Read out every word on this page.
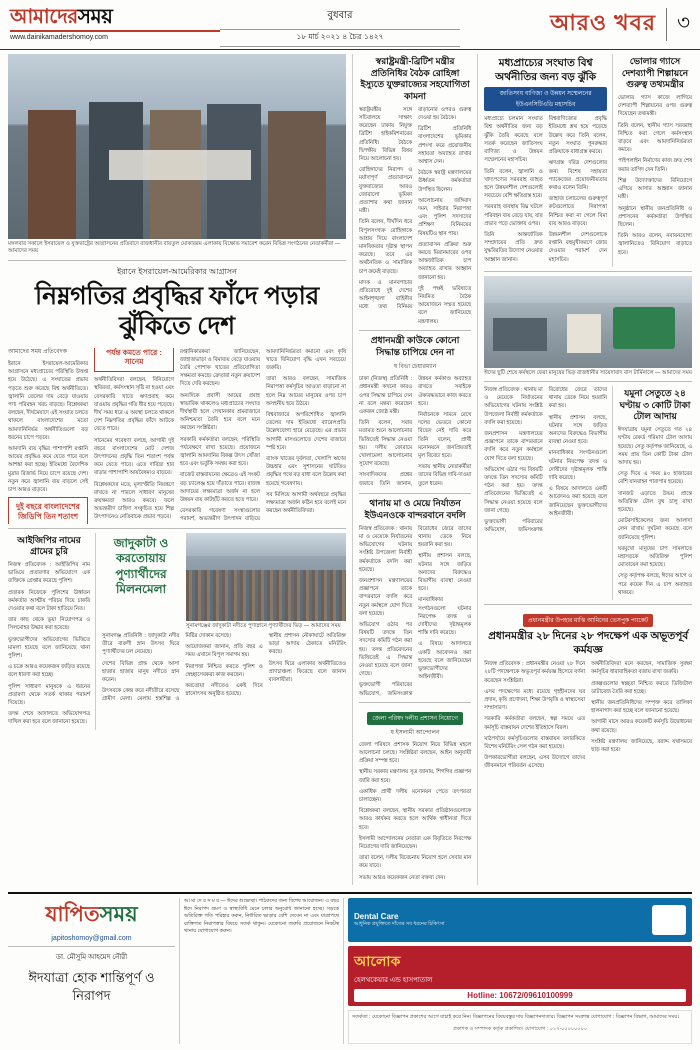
আমাদেরসময়
www.dainikamadershomoy.com
বুধবার
১৮ মার্চ ২০২১ ৪ চৈত্র ১৪২৭
আরও খবর	৩
মঙ্গলবার সকালে ইসরায়েল ও যুক্তরাষ্ট্রের আগ্রাসনের প্রতিবাদে রাজধানীর বায়তুল মোকাররম এলাকায় বিক্ষোভ সমাবেশ করেন বিভিন্ন সংগঠনের নেতাকর্মীরা — আমাদের সময়
ইরানে ইসরায়েল-আমেরিকার আগ্রাসন
নিম্নগতির প্রবৃদ্ধির ফাঁদে পড়ার ঝুঁকিতে দেশ
আমাদের সময় প্রতিবেদক

ইরানে ইসরায়েল-আমেরিকার আগ্রাসনে মধ্যপ্রাচ্যের পরিস্থিতি উত্তপ্ত হয়ে উঠেছে। এ সংঘাতের প্রভাব পড়তে শুরু করেছে বিশ্ব অর্থনীতিতে। জ্বালানি তেলের দাম বেড়ে যাওয়ায় পণ্য পরিবহন খরচ বাড়ছে। বিশ্লেষকরা বলছেন, দীর্ঘমেয়াদে এই সংঘাত চলতে থাকলে বাংলাদেশের মতো আমদানিনির্ভর অর্থনীতিগুলো বড় ধরনের চাপে পড়বে।

আমদানি ব্যয় বৃদ্ধির পাশাপাশি রপ্তানি আয়ের প্রবৃদ্ধিও কমে যেতে পারে বলে আশঙ্কা করা হচ্ছে। ইতিমধ্যে বৈদেশিক মুদ্রার রিজার্ভ নিয়ে চাপে রয়েছে দেশ। নতুন করে জ্বালানি ব্যয় বাড়লে সেই চাপ আরও বাড়বে।

দুই বছরে বাংলাদেশের জিডিপি তিন শতাংশ পর্যন্ত কমতে পারে : সানেম

অর্থনীতিবিদরা বলছেন, বিনিয়োগে স্থবিরতা, কর্মসংস্থান সৃষ্টি না হওয়া এবং বেসরকারি খাতে ঋণপ্রবাহ কমে যাওয়ায় প্রবৃদ্ধির গতি ধীর হয়ে পড়েছে। দীর্ঘ সময় ধরে এ অবস্থা চলতে থাকলে দেশ নিম্নগতির প্রবৃদ্ধির ফাঁদে আটকে যেতে পারে।

সানেমের গবেষণা বলছে, আগামী দুই বছরে বাংলাদেশের মোট দেশজ উৎপাদনের প্রবৃদ্ধি তিন শতাংশ পর্যন্ত কমে যেতে পারে। এতে দারিদ্র্য হার বাড়ার পাশাপাশি আয়বৈষম্যও বাড়বে।

বিশ্লেষকদের মতে, মূল্যস্ফীতি নিয়ন্ত্রণে রাখতে না পারলে সাধারণ মানুষের ক্রয়ক্ষমতা আরও কমবে। ফলে অভ্যন্তরীণ চাহিদা সংকুচিত হয়ে শিল্প উৎপাদনেও নেতিবাচক প্রভাব পড়বে।

রপ্তানিকারকরা জানিয়েছেন, জাহাজভাড়া ও বিমাব্যয় বেড়ে যাওয়ায় তৈরি পোশাক খাতের প্রতিযোগিতা সক্ষমতা কমছে। ক্রেতারা নতুন ক্রয়াদেশ দিতে দেরি করছেন।

অন্যদিকে প্রবাসী আয়ের প্রবাহ স্বাভাবিক থাকলেও মধ্যপ্রাচ্যের সংঘাত দীর্ঘস্থায়ী হলে সেখানকার শ্রমবাজারে অনিশ্চয়তা তৈরি হবে বলে মনে করছেন সংশ্লিষ্টরা।

সরকারি কর্মকর্তারা বলছেন, পরিস্থিতি পর্যবেক্ষণে রাখা হয়েছে। প্রয়োজনে জ্বালানি আমদানির বিকল্প উৎস খোঁজা হবে এবং ভর্তুকি সমন্বয় করা হবে।

বাজেট বাস্তবায়নের ক্ষেত্রেও এই সংকট বড় চ্যালেঞ্জ হয়ে দাঁড়াতে পারে। রাজস্ব আদায়ের লক্ষ্যমাত্রা অর্জন না হলে উন্নয়ন ব্যয় কাটছাঁট করতে হতে পারে।

বেসরকারি গবেষণা সংস্থাগুলোর পরামর্শ, অভ্যন্তরীণ উৎপাদন বাড়িয়ে আমদানিনির্ভরতা কমানো এবং কৃষি খাতে বিনিয়োগ বৃদ্ধি এখন সবচেয়ে জরুরি।

তারা আরও বলছেন, সামাজিক নিরাপত্তা কর্মসূচির আওতা বাড়ানো না হলে নিম্ন আয়ের মানুষের ওপর চাপ অসহনীয় হয়ে উঠবে।

বিশ্ববাজারে অপরিশোধিত জ্বালানি তেলের দাম ইতিমধ্যে ব্যারেলপ্রতি উল্লেখযোগ্য হারে বেড়েছে। এর প্রভাব আগামী মাসগুলোতে দেশের বাজারে স্পষ্ট হবে।

ব্যাংক খাতের দুর্বলতা, খেলাপি ঋণের উচ্চহার এবং সুশাসনের ঘাটতিও প্রবৃদ্ধির পথে বড় বাধা বলে উল্লেখ করা হয়েছে গবেষণায়।

সব মিলিয়ে আগামী অর্থবছরে প্রবৃদ্ধির লক্ষ্যমাত্রা অর্জন কঠিন হবে বলেই মনে করছেন অর্থনীতিবিদরা।

আইজিপির নামের গ্রামের চুরি

নিজস্ব প্রতিবেদক : আইজিপির নাম ভাঙিয়ে প্রতারণার অভিযোগে এক ব্যক্তিকে গ্রেপ্তার করেছে পুলিশ।

প্রতারক নিজেকে পুলিশের ঊর্ধ্বতন কর্মকর্তার আত্মীয় পরিচয় দিয়ে চাকরি দেওয়ার কথা বলে টাকা হাতিয়ে নিত।

তার কাছ থেকে ভুয়া নিয়োগপত্র ও সিলমোহর উদ্ধার করা হয়েছে।

ভুক্তভোগীদের অভিযোগের ভিত্তিতে মামলা হয়েছে বলে জানিয়েছে থানা পুলিশ।

এ চক্রে আরও কয়েকজন জড়িত রয়েছে বলে ধারণা করা হচ্ছে।

পুলিশ সাধারণ মানুষকে এ ধরনের প্রতারণা থেকে সতর্ক থাকার পরামর্শ দিয়েছে।

তদন্ত শেষে আদালতে অভিযোগপত্র দাখিল করা হবে বলে জানানো হয়েছে।

জাদুকাটা ও করতোয়ায় পুণ্যার্থীদের মিলনমেলা
সুনামগঞ্জের জাদুকাটা নদীতে পুণ্যস্নানে পুণ্যার্থীদের ভিড় — আমাদের সময়

সুনামগঞ্জ প্রতিনিধি : জাদুকাটা নদীর তীরে বারুণী স্নান উৎসব ঘিরে পুণ্যার্থীদের ঢল নেমেছে।

দেশের বিভিন্ন প্রান্ত থেকে আসা হাজার হাজার মানুষ নদীতে স্নান করেন।

উৎসবকে কেন্দ্র করে নদীতীরে বসেছে গ্রামীণ মেলা। মেলায় হস্তশিল্প ও মিষ্টির দোকান বসেছে।

আয়োজকরা জানান, প্রতি বছর এ সময় এখানে বিপুল সমাগম হয়।

নিরাপত্তা নিশ্চিত করতে পুলিশ ও স্বেচ্ছাসেবকরা কাজ করছেন।

করতোয়া নদীতেও একই দিনে স্নানোৎসব অনুষ্ঠিত হয়েছে।

স্থানীয় প্রশাসন নৌকাঘাটে অতিরিক্ত ভাড়া আদায় ঠেকাতে মনিটরিং করছে।

উৎসব ঘিরে এলাকার অর্থনীতিতেও প্রাণচাঞ্চল্য ফিরেছে বলে জানান ব্যবসায়ীরা।

স্বরাষ্ট্রমন্ত্রী-ব্রিটিশ মন্ত্রীর প্রতিনিধির বৈঠক রোহিঙ্গা ইস্যুতে যুক্তরাজ্যের সহযোগিতা কামনা

স্বরাষ্ট্রমন্ত্রীর সঙ্গে সচিবালয়ে সাক্ষাৎ করেছেন ঢাকায় নিযুক্ত ব্রিটিশ হাইকমিশনারের প্রতিনিধি। বৈঠকে দ্বিপক্ষীয় বিভিন্ন বিষয় নিয়ে আলোচনা হয়।

রোহিঙ্গাদের নিরাপদ ও মর্যাদাপূর্ণ প্রত্যাবাসনে যুক্তরাজ্যের আরও জোরালো ভূমিকা প্রত্যাশার কথা জানান মন্ত্রী।

তিনি বলেন, দীর্ঘদিন ধরে বিপুলসংখ্যক রোহিঙ্গাকে আশ্রয় দিয়ে বাংলাদেশ মানবিকতার দৃষ্টান্ত স্থাপন করেছে। তবে এর অর্থনৈতিক ও সামাজিক চাপ ক্রমেই বাড়ছে।

মাদক ও মানবপাচার প্রতিরোধে দুই দেশের আইনশৃঙ্খলা বাহিনীর মধ্যে তথ্য বিনিময় বাড়ানোর ওপরও গুরুত্ব দেওয়া হয় বৈঠকে।

ব্রিটিশ প্রতিনিধি বাংলাদেশের ভূমিকার প্রশংসা করে প্রয়োজনীয় সহায়তা অব্যাহত রাখার আশ্বাস দেন।

বৈঠকে স্বরাষ্ট্র মন্ত্রণালয়ের ঊর্ধ্বতন কর্মকর্তারা উপস্থিত ছিলেন।

আলোচনায় জঙ্গিবাদ দমন, সাইবার নিরাপত্তা এবং পুলিশ সদস্যদের প্রশিক্ষণ বিনিময়ের বিষয়টিও স্থান পায়।

প্রত্যাবাসন প্রক্রিয়া শুরু করতে মিয়ানমারের ওপর আন্তর্জাতিক চাপ অব্যাহত রাখার আহ্বান জানানো হয়।

দুই পক্ষই ভবিষ্যতে নিয়মিত বৈঠক আয়োজনে সম্মত হয়েছে বলে জানিয়েছে মন্ত্রণালয়।

প্রধানমন্ত্রী কাউকে কোনো সিদ্ধান্ত চাপিয়ে দেন না
ষ বিভা চেয়ারম্যান

ঢাকা (নিজস্ব) প্রতিনিধি : প্রধানমন্ত্রী কখনো কারও ওপর সিদ্ধান্ত চাপিয়ে দেন না বলে মন্তব্য করেছেন একজন জ্যেষ্ঠ মন্ত্রী।

তিনি বলেন, সবার মতামত শুনে আলোচনার ভিত্তিতেই সিদ্ধান্ত নেওয়া হয়। দলীয় ফোরামে খোলামেলা আলোচনার সুযোগ রয়েছে।

সাংবাদিকদের প্রশ্নের জবাবে তিনি জানান, উন্নয়ন কর্মকাণ্ড অব্যাহত রাখতে সবাইকে ঐক্যবদ্ধভাবে কাজ করতে হবে।

নির্বাচনকে সামনে রেখে দলের ভেতরে কোনো বিভেদ নেই দাবি করে তিনি বলেন, প্রার্থী মনোনয়নে জনপ্রিয়তাই মূল বিবেচ্য হবে।

সভায় স্থানীয় নেতাকর্মীরা তাদের বিভিন্ন দাবি-দাওয়া তুলে ধরেন।

থানায় মা ও মেয়ে নির্যাতন ইউএনওকে বান্দরবানে বদলি

নিজস্ব প্রতিবেদক : থানায় মা ও মেয়েকে নির্যাতনের অভিযোগের ঘটনায় সংশ্লিষ্ট উপজেলা নির্বাহী কর্মকর্তাকে বদলি করা হয়েছে।

জনপ্রশাসন মন্ত্রণালয়ের প্রজ্ঞাপনে তাকে বান্দরবানে বদলি করে নতুন কর্মস্থলে যোগ দিতে বলা হয়েছে।

অভিযোগ ওঠার পর বিষয়টি তদন্তে তিন সদস্যের কমিটি গঠন করা হয়। তদন্ত প্রতিবেদনের ভিত্তিতেই এ সিদ্ধান্ত নেওয়া হয়েছে বলে জানা গেছে।

ভুক্তভোগী পরিবারের অভিযোগ, জমিসংক্রান্ত বিরোধের জেরে তাদের থানায় ডেকে নিয়ে হয়রানি করা হয়।

স্থানীয় প্রশাসন বলছে, ঘটনার সঙ্গে জড়িত অন্যদের বিরুদ্ধেও বিভাগীয় ব্যবস্থা নেওয়া হবে।

মানবাধিকার সংগঠনগুলো ঘটনার নিরপেক্ষ তদন্ত ও দোষীদের দৃষ্টান্তমূলক শাস্তি দাবি করেছে।

এ বিষয়ে আদালতে একটি আবেদনও করা হয়েছে বলে জানিয়েছেন ভুক্তভোগীদের আইনজীবী।

জেলা পরিষদ দলীয় প্রশাসন নিয়োগে
ষ ইসলামী আন্দোলন

জেলা পরিষদে প্রশাসক নিয়োগ নিয়ে বিভিন্ন মহলে আলোচনা চলছে। সংশ্লিষ্টরা বলছেন, আইন অনুযায়ী প্রক্রিয়া সম্পন্ন হবে।

স্থানীয় সরকার মন্ত্রণালয় সূত্র জানায়, শিগগির প্রজ্ঞাপন জারি করা হবে।

একাধিক প্রার্থী দলীয় মনোনয়ন পেতে তৎপরতা চালাচ্ছেন।

বিশ্লেষকরা বলছেন, স্থানীয় সরকার প্রতিষ্ঠানগুলোকে আরও কার্যকর করতে হলে আর্থিক স্বাধীনতা দিতে হবে।

ইসলামী আন্দোলনের নেতারা এক বিবৃতিতে নিরপেক্ষ নিয়োগের দাবি জানিয়েছেন।

তারা বলেন, দলীয় বিবেচনায় নিয়োগ হলে সেবার মান কমে যাবে।

সভায় আরও কয়েকজন নেতা বক্তব্য দেন।

মধ্যপ্রাচ্যের সংঘাত বিশ্ব অর্থনীতির জন্য বড় ঝুঁকি
জাতিসংঘ বাণিজ্য ও উন্নয়ন সম্মেলনের ইউএনসিটিএডি মহাসচিব

মধ্যপ্রাচ্যে চলমান সংঘাত বিশ্ব অর্থনীতির জন্য বড় ঝুঁকি তৈরি করেছে বলে সতর্ক করেছেন জাতিসংঘ বাণিজ্য ও উন্নয়ন সম্মেলনের মহাসচিব।

তিনি বলেন, জ্বালানি ও খাদ্যপণ্যের সরবরাহ ব্যাহত হলে উন্নয়নশীল দেশগুলোই সবচেয়ে বেশি ক্ষতিগ্রস্ত হবে।

সরবরাহ ব্যবস্থায় বিঘ্ন ঘটলে পরিবহন ব্যয় বেড়ে যায়, যার প্রভাব পড়ে ভোক্তার ওপর।

তিনি আন্তর্জাতিক সম্প্রদায়ের প্রতি দ্রুত যুদ্ধবিরতির উদ্যোগ নেওয়ার আহ্বান জানান।

বিশ্ববাণিজ্যের প্রবৃদ্ধি ইতিমধ্যে শ্লথ হয়ে পড়েছে উল্লেখ করে তিনি বলেন, নতুন সংঘাত পুনরুদ্ধার প্রক্রিয়াকে বাধাগ্রস্ত করবে।

ঋণগ্রস্ত দরিদ্র দেশগুলোর জন্য বিশেষ সহায়তা প্যাকেজের প্রয়োজনীয়তার কথাও বলেন তিনি।

জাহাজ চলাচলের গুরুত্বপূর্ণ রুটগুলোতে নিরাপত্তা নিশ্চিত করা না গেলে বিমা ব্যয় আরও বাড়বে।

উন্নয়নশীল দেশগুলোকে রপ্তানি বহুমুখীকরণে জোর দেওয়ার পরামর্শ দেন মহাসচিব।

ভোলার গ্যাসে দেশব্যাপী শিল্পায়নে গুরুত্ব তথ্যমন্ত্রীর

ভোলার গ্যাস কাজে লাগিয়ে দেশব্যাপী শিল্পায়নের ওপর গুরুত্ব দিয়েছেন তথ্যমন্ত্রী।

তিনি বলেন, স্থানীয় গ্যাস সরবরাহ নিশ্চিত করা গেলে কর্মসংস্থান বাড়বে এবং আমদানিনির্ভরতা কমবে।

পাইপলাইন নির্মাণের কাজ দ্রুত শেষ করার তাগিদ দেন তিনি।

শিল্প উদ্যোক্তাদের বিনিয়োগে এগিয়ে আসার আহ্বান জানান মন্ত্রী।

অনুষ্ঠানে স্থানীয় জনপ্রতিনিধি ও প্রশাসনের কর্মকর্তারা উপস্থিত ছিলেন।

তিনি আরও বলেন, নবায়নযোগ্য জ্বালানিতেও বিনিয়োগ বাড়াতে হবে।

ঈদের ছুটি শেষে কর্মস্থলে ফেরা মানুষের ভিড় রাজধানীর সায়েদাবাদ বাস টার্মিনালে — আমাদের সময়

নিজস্ব প্রতিবেদক : থানায় মা ও মেয়েকে নির্যাতনের অভিযোগের ঘটনায় সংশ্লিষ্ট উপজেলা নির্বাহী কর্মকর্তাকে বদলি করা হয়েছে।

জনপ্রশাসন মন্ত্রণালয়ের প্রজ্ঞাপনে তাকে বান্দরবানে বদলি করে নতুন কর্মস্থলে যোগ দিতে বলা হয়েছে।

অভিযোগ ওঠার পর বিষয়টি তদন্তে তিন সদস্যের কমিটি গঠন করা হয়। তদন্ত প্রতিবেদনের ভিত্তিতেই এ সিদ্ধান্ত নেওয়া হয়েছে বলে জানা গেছে।

ভুক্তভোগী পরিবারের অভিযোগ, জমিসংক্রান্ত বিরোধের জেরে তাদের থানায় ডেকে নিয়ে হয়রানি করা হয়।

স্থানীয় প্রশাসন বলছে, ঘটনার সঙ্গে জড়িত অন্যদের বিরুদ্ধেও বিভাগীয় ব্যবস্থা নেওয়া হবে।

মানবাধিকার সংগঠনগুলো ঘটনার নিরপেক্ষ তদন্ত ও দোষীদের দৃষ্টান্তমূলক শাস্তি দাবি করেছে।

এ বিষয়ে আদালতে একটি আবেদনও করা হয়েছে বলে জানিয়েছেন ভুক্তভোগীদের আইনজীবী।

যমুনা সেতুতে ২৪ ঘণ্টায় ৩ কোটি টাকা টোল আদায়

ঈদযাত্রায় যমুনা সেতুতে গত ২৪ ঘণ্টায় রেকর্ড পরিমাণ টোল আদায় হয়েছে। সেতু কর্তৃপক্ষ জানিয়েছে, এ সময় প্রায় তিন কোটি টাকা টোল আদায় হয়।

সেতু দিয়ে এ সময় ৪০ হাজারের বেশি যানবাহন পারাপার হয়েছে।

যানজট এড়াতে উভয় প্রান্তে অতিরিক্ত টোল বুথ চালু রাখা হয়েছে।

মোটরসাইকেলের জন্য আলাদা লেন রাখায় দুর্ঘটনা কমেছে বলে জানিয়েছে পুলিশ।

ঘরমুখো মানুষের চাপ সামলাতে মহাসড়কে অতিরিক্ত পুলিশ মোতায়েন করা হয়েছে।

সেতু কর্তৃপক্ষ বলছে, ঈদের আগে ও পরে কয়েক দিন এ চাপ অব্যাহত থাকবে।

প্রধানমন্ত্রীর উপহার মাঝি আমিনের ভেসপুক প্যাকেট
প্রধানমন্ত্রীর ২৮ দিনের ২৮ পদক্ষেপ এক অভূতপূর্ব কর্মযজ্ঞ

নিজস্ব প্রতিবেদক : প্রধানমন্ত্রীর নেওয়া ২৮ দিনে ২৮টি পদক্ষেপকে অভূতপূর্ব কর্মযজ্ঞ হিসেবে বর্ণনা করেছেন সংশ্লিষ্টরা।

এসব পদক্ষেপের মধ্যে রয়েছে গৃহহীনদের ঘর প্রদান, কৃষি প্রণোদনা, শিক্ষা উপবৃত্তি ও স্বাস্থ্যসেবা সম্প্রসারণ।

সরকারি কর্মকর্তারা বলছেন, স্বল্প সময়ে এত কর্মসূচি বাস্তবায়ন দেশের ইতিহাসে বিরল।

মাঠপর্যায়ে কর্মসূচিগুলোর বাস্তবায়ন তদারকিতে বিশেষ মনিটরিং সেল গঠন করা হয়েছে।

উপকারভোগীরা বলছেন, এসব উদ্যোগে তাদের জীবনমানে পরিবর্তন এসেছে।

অর্থনীতিবিদরা মনে করছেন, সামাজিক সুরক্ষা কর্মসূচির ধারাবাহিকতা বজায় রাখা জরুরি।

প্রকল্পগুলোর স্বচ্ছতা নিশ্চিত করতে ডিজিটাল ডাটাবেজ তৈরি করা হচ্ছে।

স্থানীয় জনপ্রতিনিধিদের সম্পৃক্ত করে তালিকা হালনাগাদ করা হচ্ছে বলে জানানো হয়েছে।

আগামী মাসে আরও কয়েকটি কর্মসূচি উদ্বোধনের কথা রয়েছে।

সংশ্লিষ্ট মন্ত্রণালয় জানিয়েছে, বরাদ্দ যথাসময়ে ছাড় করা হবে।

যাপিতসময়
japitoshomoy@gmail.com
ডা. মৌসুমি আহমেদ নৌরী
ঈদযাত্রা হোক শান্তিপূর্ণ ও নিরাপদ
আ মা দে র স ম য় — ঈদের শুভেচ্ছা। পাঠকদের জন্য বিশেষ আয়োজন। এ বছর ঈদে নিরাপদ ভ্রমণ ও স্বাস্থ্যবিধি মেনে চলার অনুরোধ জানানো হচ্ছে। সড়কে অতিরিক্ত গতি পরিহার করুন, নির্ধারিত ভাড়ার বেশি দেবেন না এবং যাত্রাপথে ব্যক্তিগত নিরাপত্তার বিষয়ে সতর্ক থাকুন। যেকোনো জরুরি প্রয়োজনে নিকটস্থ থানায় যোগাযোগ করুন।
Dental Care
আধুনিক প্রযুক্তিতে দাঁতের সব ধরনের চিকিৎসা
আলোক
হেলথকেয়ার এন্ড হাসপাতাল
Hotline: 10672/09610100999
সতর্কতা : যেকোনো বিজ্ঞাপন প্রকাশের আগে যাচাই করে নিন। বিজ্ঞাপনের বিষয়বস্তুর দায় বিজ্ঞাপনদাতার। বিজ্ঞাপন সংক্রান্ত যোগাযোগ : বিজ্ঞাপন বিভাগ, আমাদের সময়।
প্রকাশক ও সম্পাদক কর্তৃক প্রকাশিত। যোগাযোগ : ০১৭-০০০০০০০০
